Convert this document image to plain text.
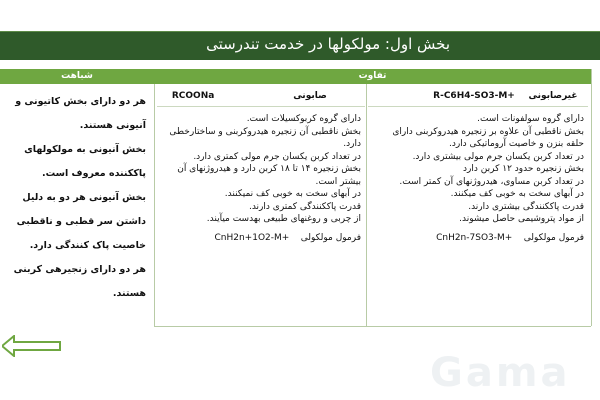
بخش اول: مولکولها در خدمت تندرستی
شباهت	تفاوت
صابونی RCOONa	غیرصابونی R-C6H4-SO3-M+

دارای گروه سولفونات است.

بخش ناقطبی آن علاوه بر زنجیره هیدروکربنی دارای حلقه بنزن و خاصیت آروماتیکی دارد.

در تعداد کربن یکسان جرم مولی بیشتری دارد.

بخش زنجیره حدود ۱۲ کربن دارد

در تعداد کربن مساوی، هیدروژنهای آن کمتر است.

در آبهای سخت به خوبی کف میکنند.

قدرت پاککنندگی بیشتری دارند.

از مواد پتروشیمی حاصل میشوند.

فرمول مولکولی    CnH2n-7SO3-M+

دارای گروه کربوکسیلات است.

بخش ناقطبی آن زنجیره هیدروکربنی و ساختارخطی دارد.

در تعداد کربن یکسان جرم مولی کمتری دارد.

بخش زنجیره ۱۴ تا ۱۸ کربن دارد و هیدروژنهای آن بیشتر است.

در آبهای سخت به خوبی کف نمیکنند.

قدرت پاککنندگی کمتری دارند.

از چربی و روغنهای طبیعی بهدست میآیند.

فرمول مولکولی    CnH2n+1O2-M+

هر دو دارای بخش کاتیونی و آنیونی هستند.

بخش آنیونی به مولکولهای پاککننده معروف است.

بخش آنیونی هر دو به دلیل داشتن سر قطبی و ناقطبی خاصیت پاک کنندگی دارد.

هر دو دارای زنجیرهی کربنی هستند.

Gama
